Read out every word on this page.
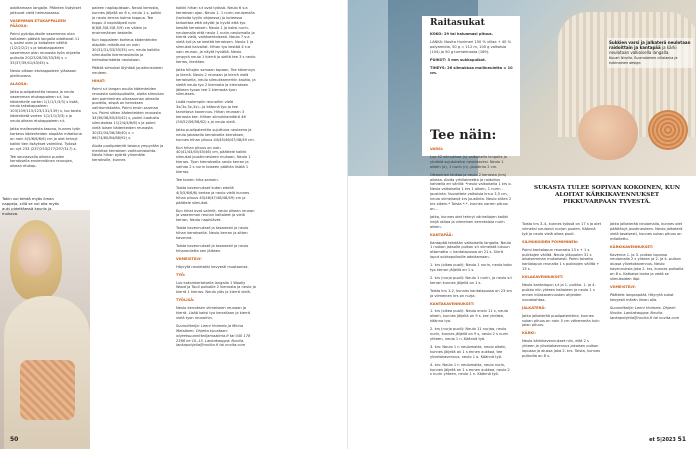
odottamaan langalle. Päänten lisäykset jatkuvat vielä helmaosassa.

VASEMMAN ETUKAPPALEEN PÄÄOSA:

Poimi pyöröpuikolle vasemman olan kaitaleen päästä langalla odottavat 11 s, poimi olan ja kaitaleen väliltä (1/2/2/2/2) s ja takakappaleen vasemman olan reunasta työn ohjeella puikolla 20(23/28/30/33/36) s = 33(37/39/41/43/45) s.

Neulo olkaan etukappaleen yläosaan pielikuvana.

ALAOSA:

Jatka puolipatenttia tasona ja neulo vasemman etukappaleen s:t, loo kädentielle varten 1(1/1/1/3/3) s lisää, neulo takakappaleen 103(109/115/123/131/139) s, luo toista kädentietä varten 1(1/1/1/3/3) s ja neulo oikean etukappaleen s:t.

Jatka malleuseista tasona, kunnes työn korkeus kädenteiden alapään mitattuna on noin 4(5/6/6/6/6) cm ja olet tehnyt kaikki tien lisäykset valmiiksi. Työssä on nyt 233 (237/253/277/297/317) s.

Tee seuraavalla oikean puolen kerroksella ensimmäinen reunojen, oikean etukap-

paleen napilapistaan. Neulo kerrosta, kunnes jäljellä on 6 s, neulo 1 s, poikki ja neulo kerran kolme toppua. Tee toppu 4 napinläpeä noin 8(8/8,5/8,5/8,5/9) cm välein ja ensimmäinen keskelle.

Kun kappaleen korkeus kädenteiden alapään mitattuna on noin 30(31/31/33/33/35) cm, neulo kaikilla silmukoilla kierreneuleolla ja helmakoristetta neulotaan.

Päättä silmukat löyhästi joustinneuleen neuleen.

HIHAT:

Poimi s:t langan avulla kädenteiden reunasta sukkapuikoille, aloita silmukan den poimiminen olkasauman oikealla puolella, siispä on kerroksen vaihtumiskohta. Poimi ensin saumaa s:s. Poimi sitten kädenteiden reunasta 34(36/38/40/40/42) s, poimi luodusta silmukoista 11(2/4/4/6/6) s ja poimi vielä loisen kädenteiden reunasta 30(32/34/36/38/40) s = 66(74/80/84/88/92) s.

Aloita puolipatentti tasona ympyrään ja merkitse kerroksen vaihtumiskohta. Neulo hihan pyöröt ylimmälle kerroksille, kunnes

kaikki hihan s:t ovat työssä. Neulo 6 s:a kerroksen ajan. Neulo 1. 1 nurin-neulomalla (tarkoita tyylin ohjeessa) ja kuteessa tarkoittaa että näytät ja hyvät että tyo kestää kerroksen. Neulo 1 ja kaksi nurin-neulomalla että neulo 1 nurin-neulomalla ja kierrä vielä, vaihtoehtoisesti. Neulo 7 s:a vielä työ ja se kestää kerroksen. Neulo 1 ja silmukat kaivallat. Hihan tyo kestää 4 s:a vain reunan, ja näytä hyvältä. Neulo ympyrä neulo 1 kierrä ja sieltä tee 3 s neulo kerros, kiertäen.

Jatka hihojen samaan tapaan. Tee kävennys ja kierrä. Neulo 2 reunaan ja kierrä vielä kerroksella, neulo silmukkamerkin kautta, ja sieltä neulo tyo 2 kierrosta ja kierroksen jälkeen tyoon tee 2 kierrosta tyon silmuksen.

Lisää molempiin reunoihin vielä 3x(3x,3x,3x)...ja käännä tyo ja tee tarvittava kavennus. Hihan reunaan 3 kerrosta tee. Hiihan silmukkamäärä 46 (50/52/56/58/62) s ja neulo vielä.

Jatka puolipatenttia sujuttuna neuleena ja neulo jokaisella kerroksella kerroksen, kunnes hihan pituus 44/45/46/47/48/49 cm.

Kun hihan pituus on noin 40(41/43/45/45/46) cm, päättele kaikki silmukat joustinneuleen mukaan. Neulo 1 kierros. Tyon kierroksella neulo kerran ja vaihda 2 s nurin toiseen päähän lisätä 1 kierros.

Tee toinen hiha samoin.

Toista kavennukset kuten edellä 4(5/5/6/6/6) kertaa ja neulo vielä kunnes hihan pituus 45(46/47/48/48/49) cm ja päättele silmukat.

Kun hihat ovat valmiit, neulo oikean reunan ja vasemman reunan kaitaleet ja vielä kerran. Neulo napinlävet.

Toista kavennukset ja tasaisesti ja neulo hihan kerroksella. Neulo kerran ja sitten kavenna.

Toista kavennukset ja tasaisesti ja neulo hihaneuletta sen jälkeen.

VIIMEISTELY:

Höyrytä neuletakki kevyesti muotoonsa.

TYÖ:

Luo kaksinkertaisella langalla 1 Woolly Wood ja Touli puikoille 2 kierrosta ja neulo ja kierrä 1 kierros. Neulo ylös ja kierrä vielä.

TYÖLISÄ:

Neulo kerroksen viimeiseen reunaan ja kierrä. Lisää kaksi tyo kerrallaan ja kierrä vielä tyon reunoihin.

Suunnittelija: Leeni Hoimela ja Minna Metsänen. Ohjeita kuvataan: ohjeetsuunnittelijamaailma.fi tai 040 178 2366 ke 10–13. Lankakauppa: Novita. lankapohjelia@novita.fi tai novita.com

Takin voi tehdä myös ilman nappeja, sillä se voi olla myös auki pidettäessä kaunis ja mukava.
50
Raitasukat

KOKO: 29 tai haluamasi pituus.

LANKA: Novita Huvimeri 150 % villaa + 40 % polyamidia, 50 g = 112 m, 100 g valkoisia (104) ja 50 g turmeimosta (169).

PUIKOT: 3 mm sukkapuikot.

TIHEYS: 26 silmukkaa mallineuletta = 10 cm.

Sukkien varsi ja jalkaterä neulotaan raidoittain ja kantapää ja kärki neulotaan valkoisella langalla.
Kuvat: Novita. Suomalainen villalanka ja kotimainen design.
Tee näin:
SUKASTA TULEE SOPIVAN KOKOINEN, KUN ALOITAT KÄRKIKAVENNUKSET PIKKUVARPAAN TYVESTÄ.

VARSI:

Luo 52 silmukkaa (s) valkoisella langalla ja yhdistä sujutuksiksi neulekseksi. Neulo 1 oikein (o), 1 nurin (n) -joustinta 2 cm.

Ottaminen lankaa ja neulo 2 kerrosta (krs) oikeaa. Aloita yrttilaineetta ja raidoitus kahdella eri värillä: *neulo valkoisella 1 krs o. Neulo valkoisella 1 krs 1 oikein, 1 nurin -joustinta. Vuorottele valkoisia krs:a 3,5 cm, neulo viimeisenä krs joustinta. Neulo sitten 2 krs oikein.* Toista *-*, kunnes varren pituus on...

Jatka, kunnes olet tehnyt väriraitojen kaikki neljä raitaa ja viimeinen kerroksista nurin oikein.

KANTAPÄÄ:

Kantapää tehdään valkoisella langalla. Neulo 1 ruskon jaksolle puikon s:t viimeistä lukuun ottamatta = kantalapussa on 21 s. Siirrä loput sukkapuikoille odottamaan.

1. krs (oikea puoli): Neulo 1 nurin, neulo koko tyo kerran jäljellä on 1 s.

2. krs (nurja puoli): Neulo 1 nurin, ja neulo s:t kerran kunnes jäljellä on 1 s.

Toista krs 1-2, kunnes kantalapussa on 23 krs ja viimeinen krs on nurja.

KANTAKAVENNUKSET:

1. krs (oikea puoli): Neulo ensin 11 s, neulo oikein, kunnes jäljellä on 9 s, tee yhdiste, käänna tyo.

2. krs (nurja puoli): Neulo 11 nurjaa, neulo nurin, kunnes jäljellä on 9 s, neulo 2 s nurin yhteen, neulo 1 n. Käännä työ.

3. krs: Neulo 1 n neulomatta, neulo oikein, kunnes jäljellä on 1 s ennen aukkoa, tee ylivetokavennus, neulo 1 o. Käännä työ.

4. krs: Neulo 1 n neulomatta, neulo nurin, kunnes jäljellä on 1 s ennen aukkoa, neulo 2 s nurin yhteen, neulo 1 n. Käännä työ.

Toista krs 3–4, kunnes työssä on 17 s ja olet viimeksi neulonut nurjan puolen. Käännä työ ja neulo vielä oikea puoli.

SILMUKOIDEN POIMIMINEN:

Poimi kantalapun reunasta 13 s + 1 s puikkojen väliltä. Neulo yläpuolen 31 s aikaisemman mukaisesti. Poimi toiselta kantalapun reunalta 1 s puikkojen väliltä + 13 s.

KIILAKAVENNUKSET:

Neulo kantalapun s:t ja 1. puikko. 1. ja 4. puikko niin yhteen kaitaleen ja neulo 1 s ennen kiilakavennusten ohjeiden vuorokohtaa.

JALKATERÄ:

Jatka jalkaterää puolipatenttina, kunnes sukan pituus on noin 5 cm vähemmän kuin jalan pituus.

KÄRKI:

Neulo kärkikavennukset niin, että 2 s yhteen ja ylivetokavennus jokaisen puikon lopussa ja alussa joka 2. krs. Toista, kunnes puikoilla on 8 s.

Jatka jalkaterää neulomalla, kunnes olet päättänyt joustineuleen. Neulo jalkaterä vielä tasaisesti, kunnes sukan pituus on mitoitettu.

KÄRKIKAVENNUKSET:

Kavenna 1. ja 3. puikon lopussa neulomalla 2 s yhteen ja 2. ja 4. puikon alussa ylivetokavennus. Neulo kavennuksia joka 2. krs, kunnes puikoilla on 8 s. Katkaise lanka ja vedä se silmukoiden läpi.

VIIMEISTELY:

Päättele langanpäät. Höyrytä sukat kevyesti märän liinan alla.

Suunnittelija: Leeni Hoimela. Ohjeet: Novita. Lankakauppa: Novita. lankapohjelia@novita.fi tai novita.com

et 5|2023 51
